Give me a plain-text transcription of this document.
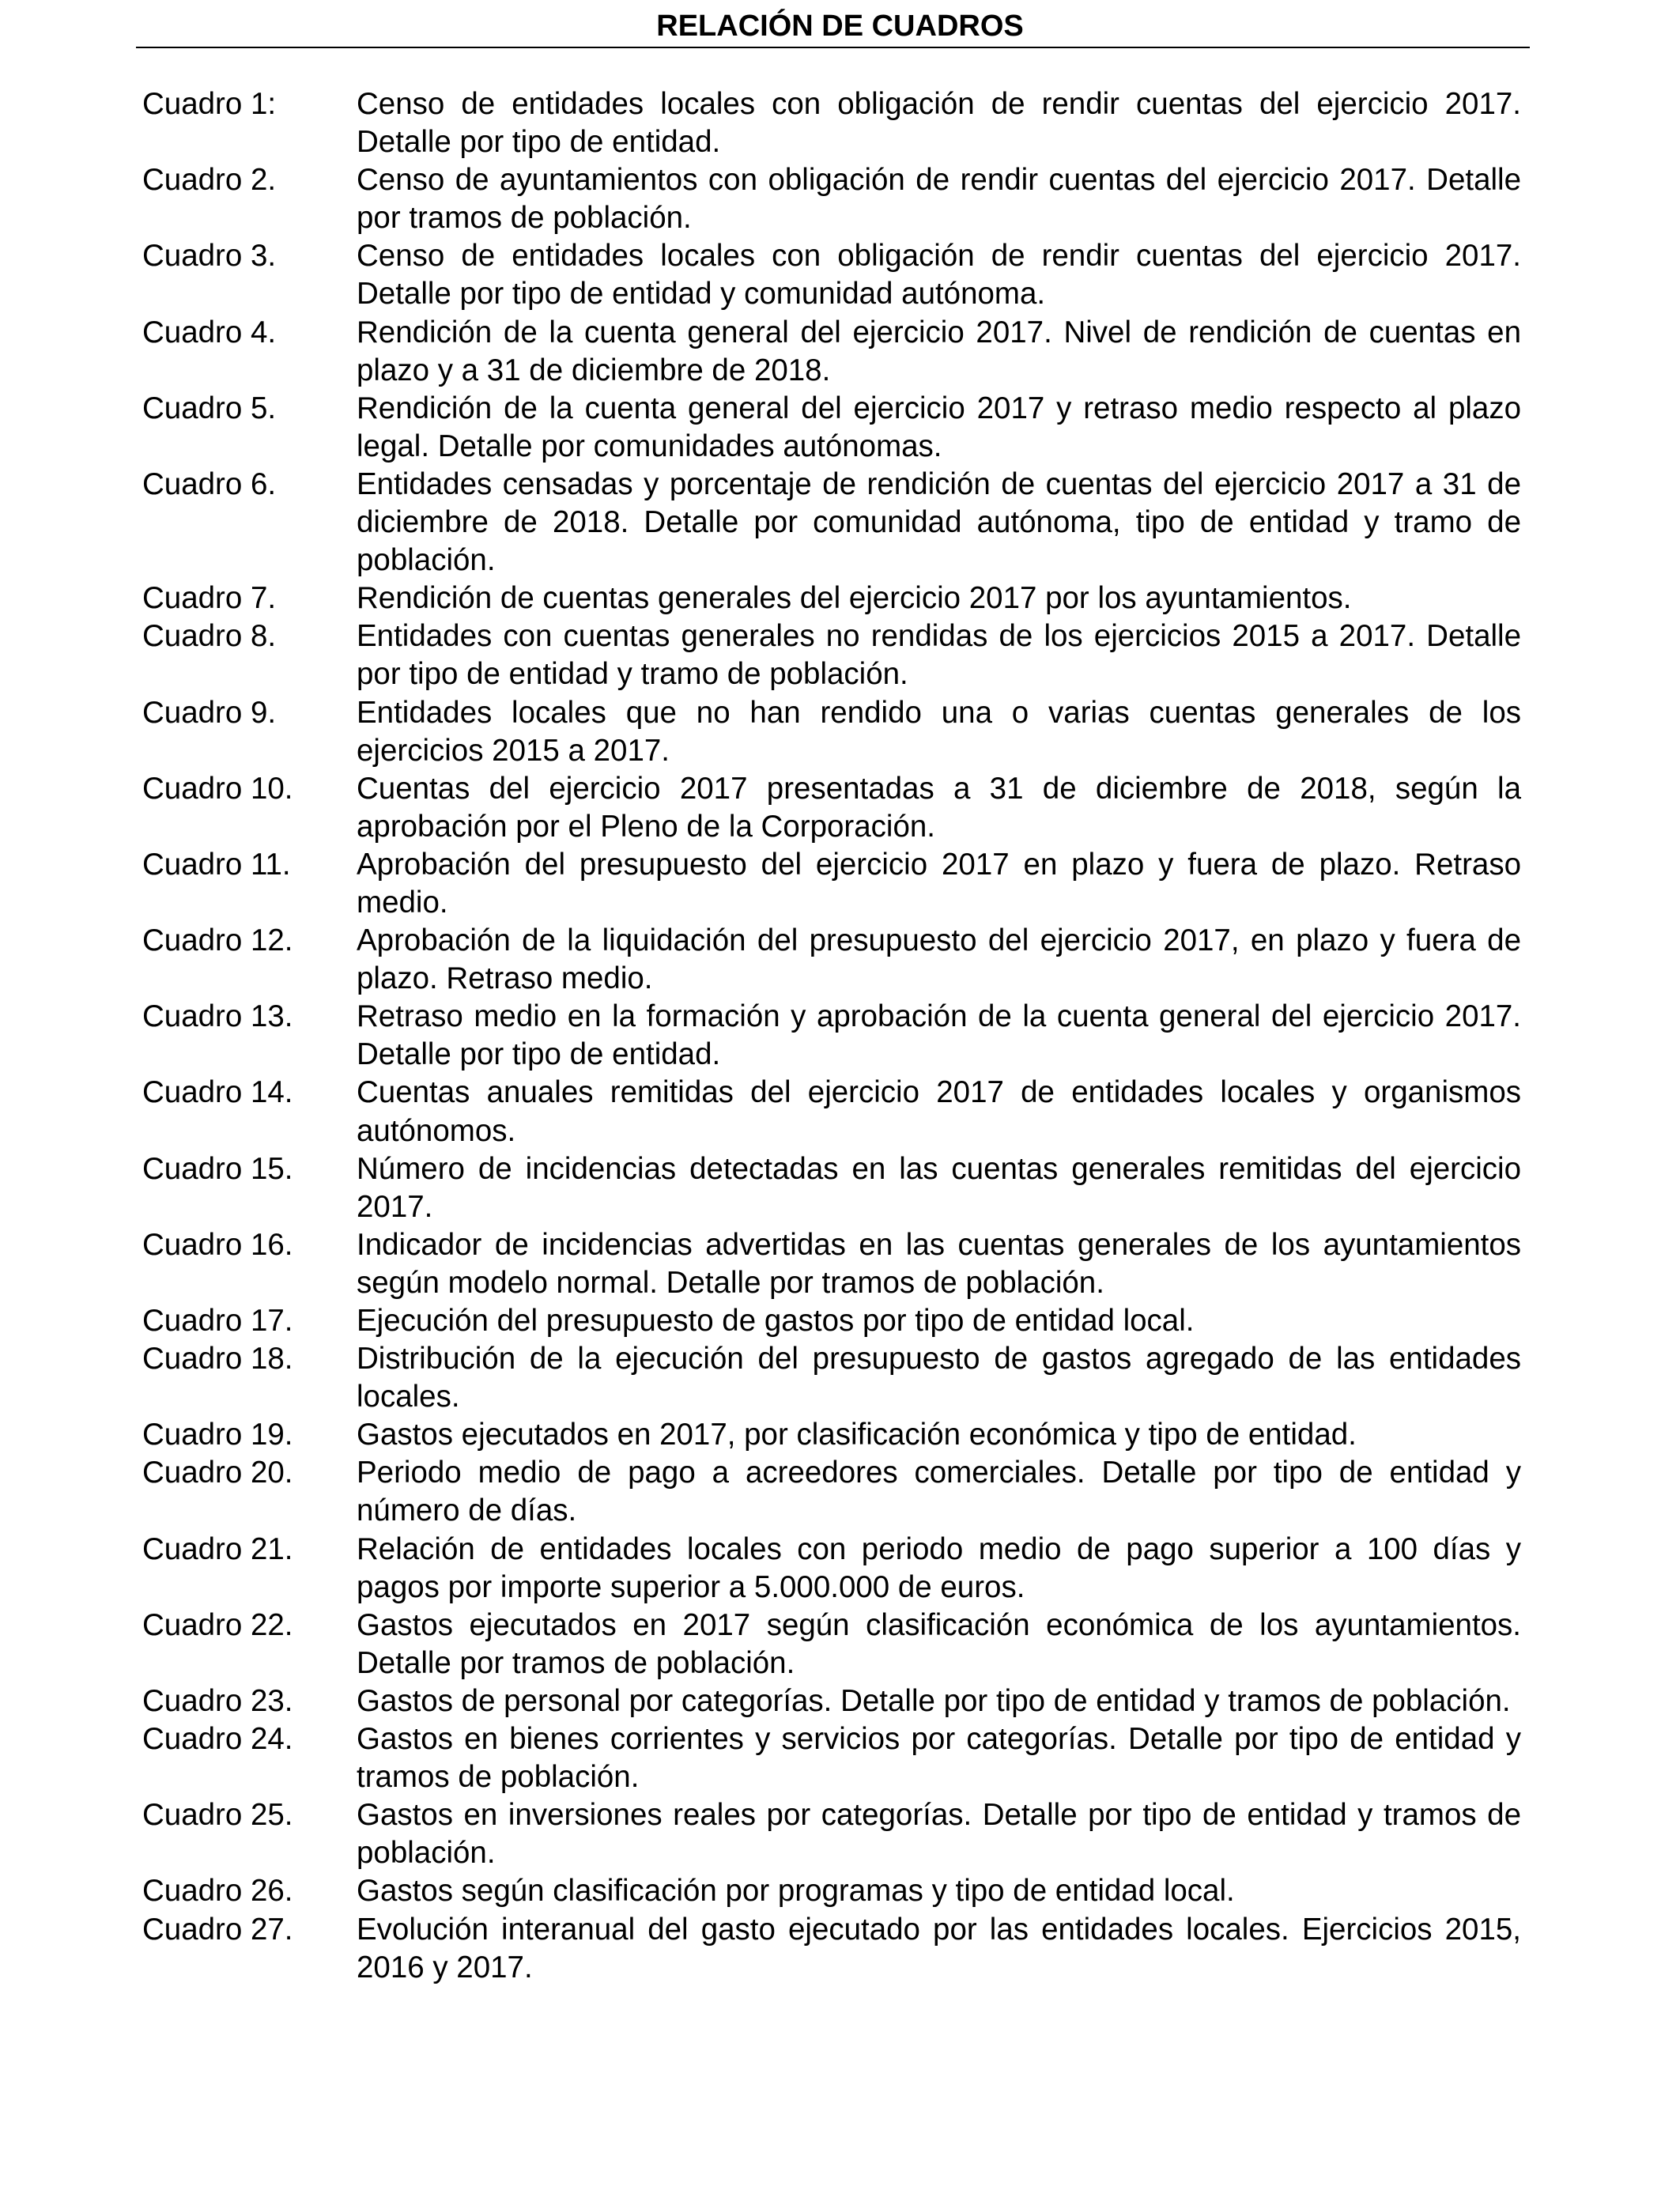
RELACIÓN DE CUADROS
Cuadro 1:	Censo de entidades locales con obligación de rendir cuentas del ejercicio 2017. Detalle por tipo de entidad.
Cuadro 2.	Censo de ayuntamientos con obligación de rendir cuentas del ejercicio 2017. Detalle por tramos de población.
Cuadro 3.	Censo de entidades locales con obligación de rendir cuentas del ejercicio 2017. Detalle por tipo de entidad y comunidad autónoma.
Cuadro 4.	Rendición de la cuenta general del ejercicio 2017. Nivel de rendición de cuentas en plazo y a 31 de diciembre de 2018.
Cuadro 5.	Rendición de la cuenta general del ejercicio 2017 y retraso medio respecto al plazo legal. Detalle por comunidades autónomas.
Cuadro 6.	Entidades censadas y porcentaje de rendición de cuentas del ejercicio 2017 a 31 de diciembre de 2018. Detalle por comunidad autónoma, tipo de entidad y tramo de población.
Cuadro 7.	Rendición de cuentas generales del ejercicio 2017 por los ayuntamientos.
Cuadro 8.	Entidades con cuentas generales no rendidas de los ejercicios 2015 a 2017. Detalle por tipo de entidad y tramo de población.
Cuadro 9.	Entidades locales que no han rendido una o varias cuentas generales de los ejercicios 2015 a 2017.
Cuadro 10.	Cuentas del ejercicio 2017 presentadas a 31 de diciembre de 2018, según la aprobación por el Pleno de la Corporación.
Cuadro 11.	Aprobación del presupuesto del ejercicio 2017 en plazo y fuera de plazo. Retraso medio.
Cuadro 12.	Aprobación de la liquidación del presupuesto del ejercicio 2017, en plazo y fuera de plazo. Retraso medio.
Cuadro 13.	Retraso medio en la formación y aprobación de la cuenta general del ejercicio 2017. Detalle por tipo de entidad.
Cuadro 14.	Cuentas anuales remitidas del ejercicio 2017 de entidades locales y organismos autónomos.
Cuadro 15.	Número de incidencias detectadas en las cuentas generales remitidas del ejercicio 2017.
Cuadro 16.	Indicador de incidencias advertidas en las cuentas generales de los ayuntamientos según modelo normal. Detalle por tramos de población.
Cuadro 17.	Ejecución del presupuesto de gastos por tipo de entidad local.
Cuadro 18.	Distribución de la ejecución del presupuesto de gastos agregado de las entidades locales.
Cuadro 19.	Gastos ejecutados en 2017, por clasificación económica y tipo de entidad.
Cuadro 20.	Periodo medio de pago a acreedores comerciales. Detalle por tipo de entidad y número de días.
Cuadro 21.	Relación de entidades locales con periodo medio de pago superior a 100 días y pagos por importe superior a 5.000.000 de euros.
Cuadro 22.	Gastos ejecutados en 2017 según clasificación económica de los ayuntamientos. Detalle por tramos de población.
Cuadro 23.	Gastos de personal por categorías. Detalle por tipo de entidad y tramos de población.
Cuadro 24.	Gastos en bienes corrientes y servicios por categorías. Detalle por tipo de entidad y tramos de población.
Cuadro 25.	Gastos en inversiones reales por categorías. Detalle por tipo de entidad y tramos de población.
Cuadro 26.	Gastos según clasificación por programas y tipo de entidad local.
Cuadro 27.	Evolución interanual del gasto ejecutado por las entidades locales. Ejercicios 2015, 2016 y 2017.
